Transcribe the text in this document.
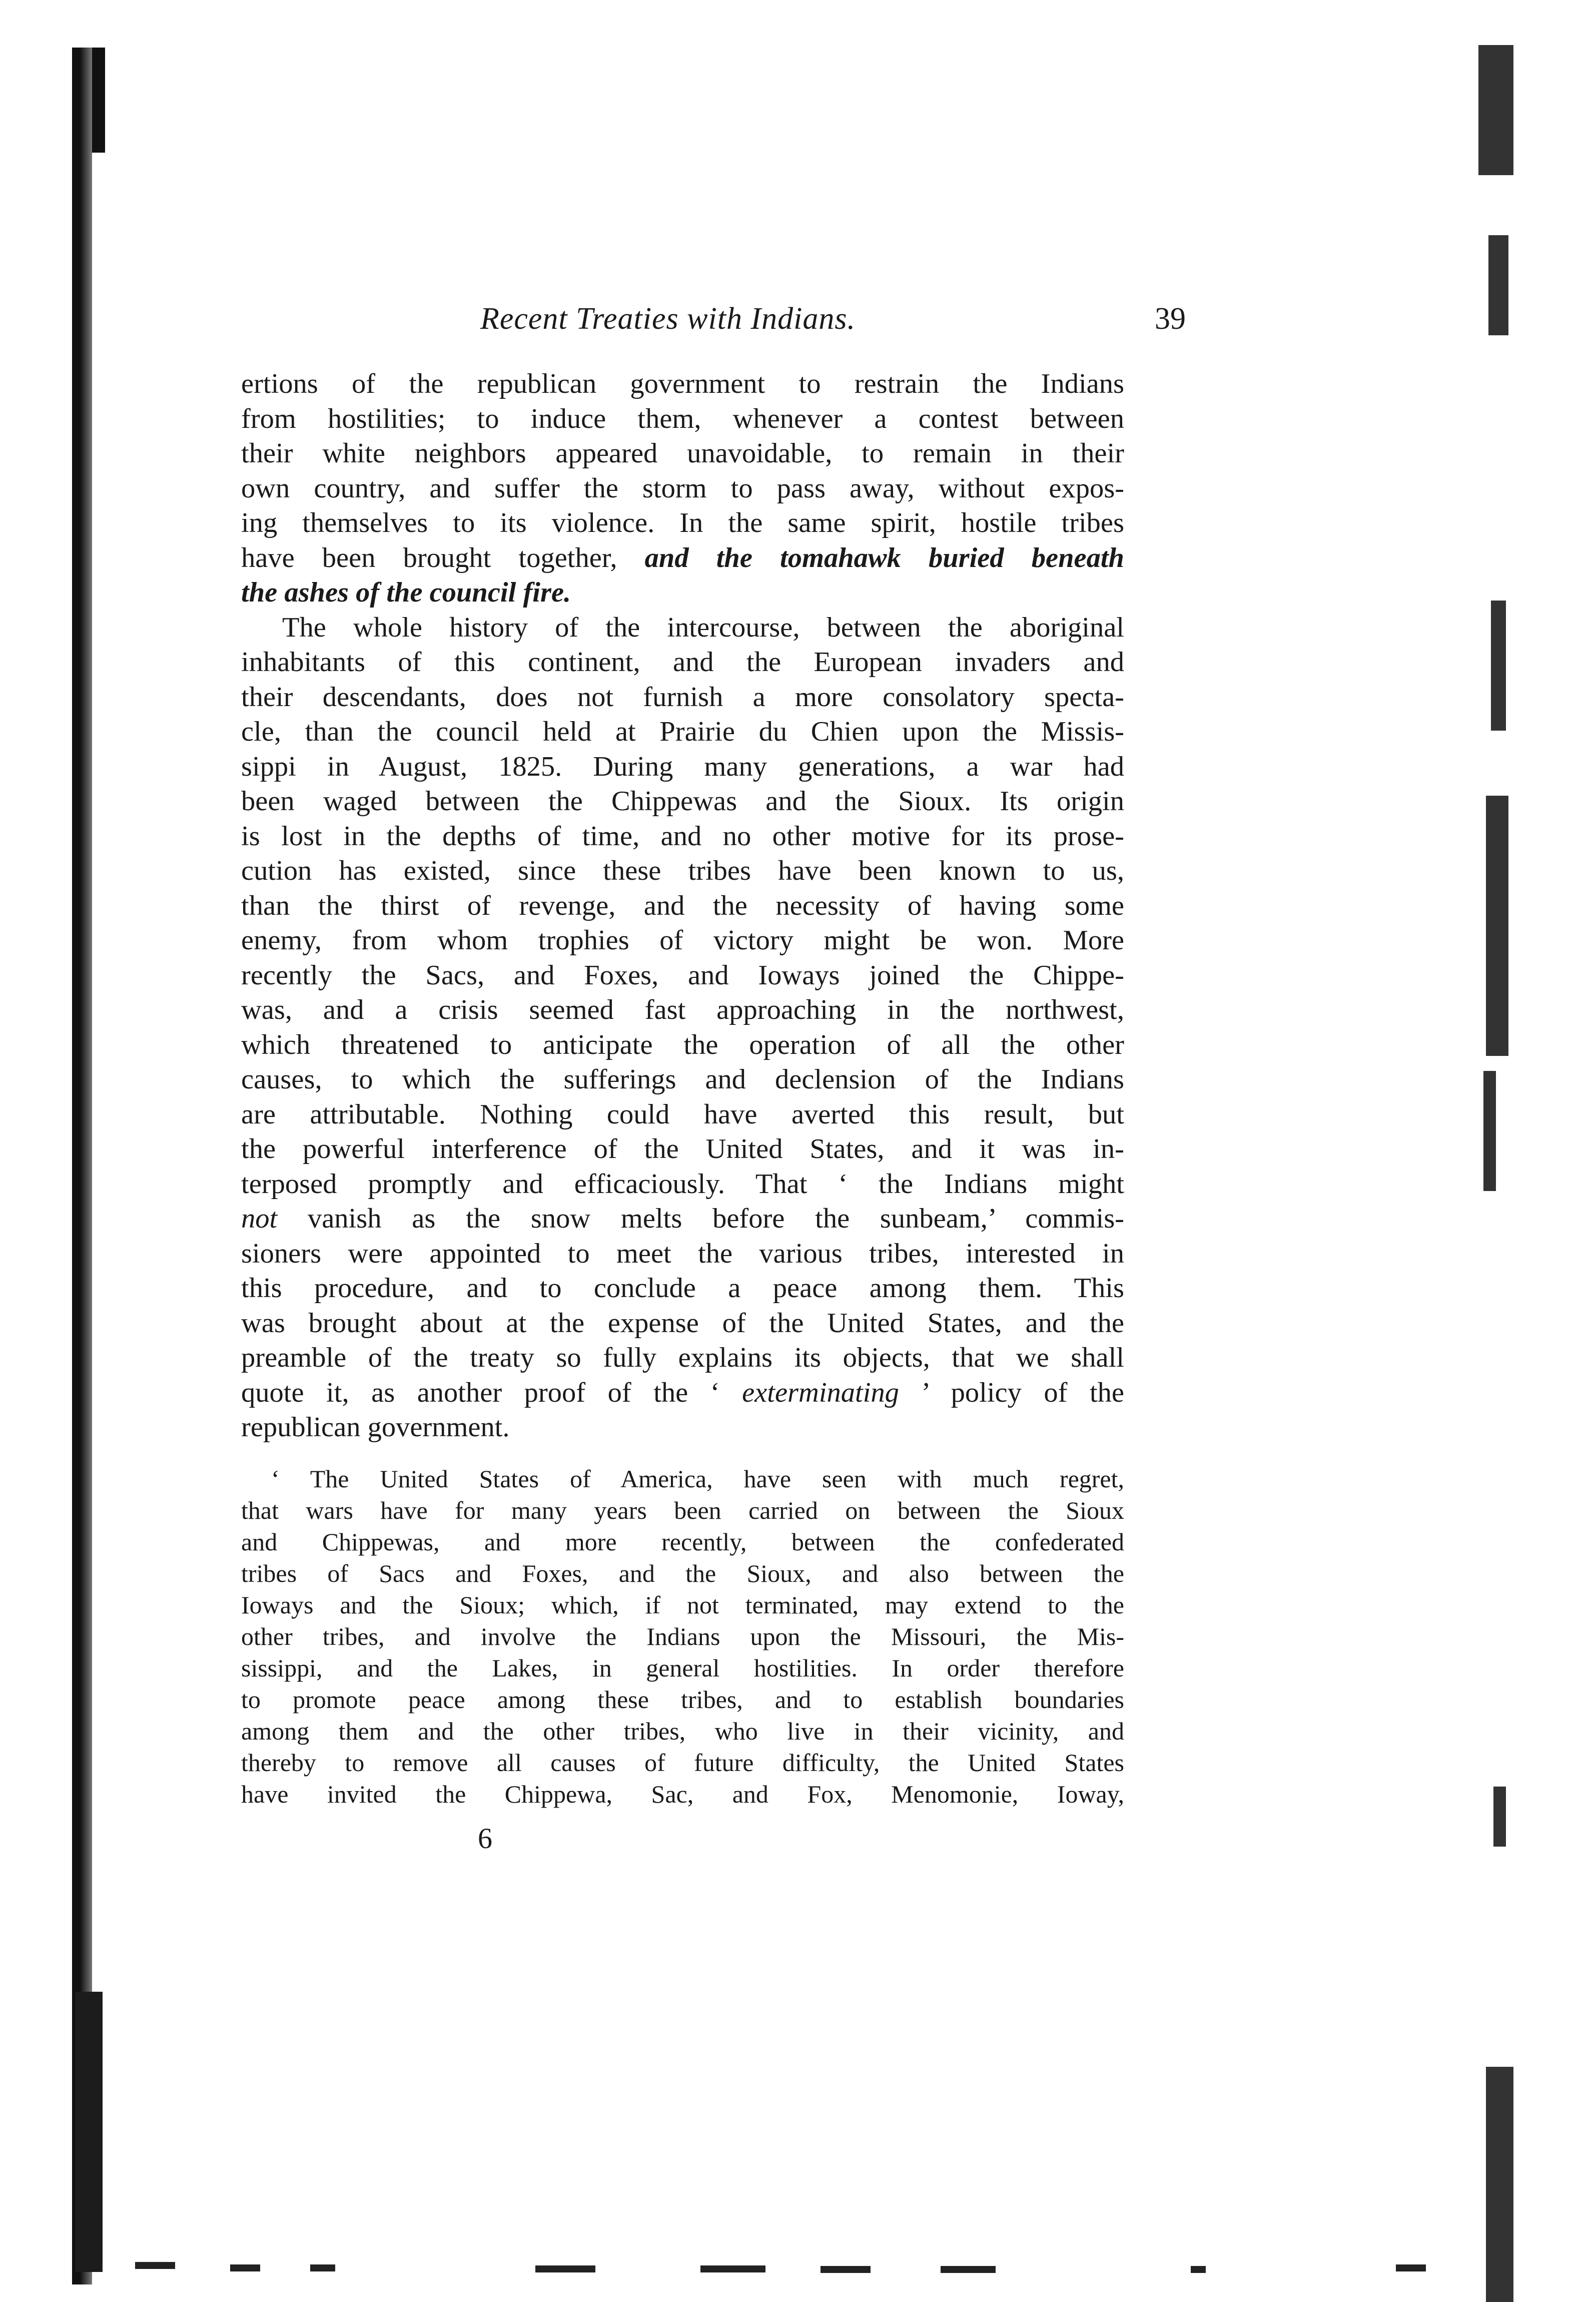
Recent Treaties with Indians.	39
ertions of the republican government to restrain the Indians
from hostilities; to induce them, whenever a contest between
their white neighbors appeared unavoidable, to remain in their
own country, and suffer the storm to pass away, without expos-
ing themselves to its violence. In the same spirit, hostile tribes
have been brought together, and the tomahawk buried beneath
the ashes of the council fire.
The whole history of the intercourse, between the aboriginal
inhabitants of this continent, and the European invaders and
their descendants, does not furnish a more consolatory specta-
cle, than the council held at Prairie du Chien upon the Missis-
sippi in August, 1825. During many generations, a war had
been waged between the Chippewas and the Sioux. Its origin
is lost in the depths of time, and no other motive for its prose-
cution has existed, since these tribes have been known to us,
than the thirst of revenge, and the necessity of having some
enemy, from whom trophies of victory might be won. More
recently the Sacs, and Foxes, and Ioways joined the Chippe-
was, and a crisis seemed fast approaching in the northwest,
which threatened to anticipate the operation of all the other
causes, to which the sufferings and declension of the Indians
are attributable. Nothing could have averted this result, but
the powerful interference of the United States, and it was in-
terposed promptly and efficaciously. That ‘ the Indians might
not vanish as the snow melts before the sunbeam,’ commis-
sioners were appointed to meet the various tribes, interested in
this procedure, and to conclude a peace among them. This
was brought about at the expense of the United States, and the
preamble of the treaty so fully explains its objects, that we shall
quote it, as another proof of the ‘ exterminating ’ policy of the
republican government.
‘ The United States of America, have seen with much regret,
that wars have for many years been carried on between the Sioux
and Chippewas, and more recently, between the confederated
tribes of Sacs and Foxes, and the Sioux, and also between the
Ioways and the Sioux; which, if not terminated, may extend to the
other tribes, and involve the Indians upon the Missouri, the Mis-
sissippi, and the Lakes, in general hostilities. In order therefore
to promote peace among these tribes, and to establish boundaries
among them and the other tribes, who live in their vicinity, and
thereby to remove all causes of future difficulty, the United States
have invited the Chippewa, Sac, and Fox, Menomonie, Ioway,
6
